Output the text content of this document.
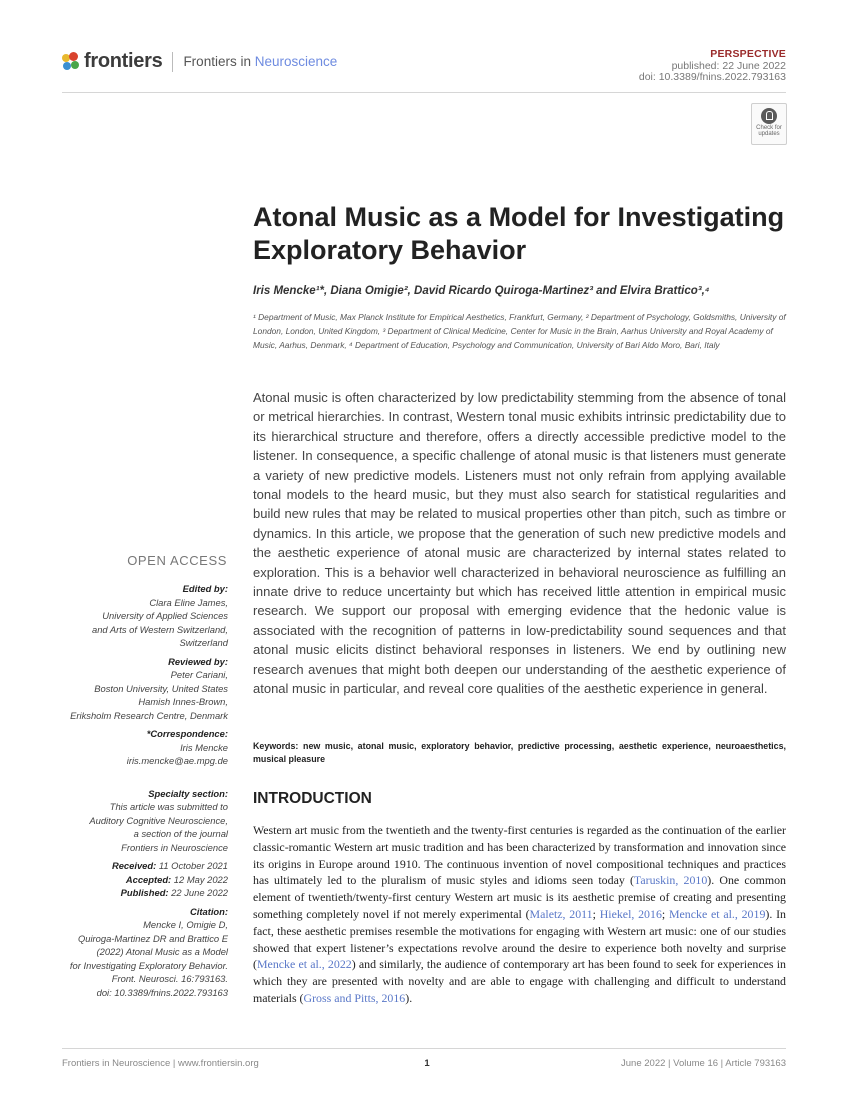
frontiers Frontiers in Neuroscience	PERSPECTIVE
published: 22 June 2022
doi: 10.3389/fnins.2022.793163
Check for updates
Atonal Music as a Model for Investigating Exploratory Behavior
Iris Mencke¹*, Diana Omigie², David Ricardo Quiroga-Martinez³ and Elvira Brattico³,⁴
¹ Department of Music, Max Planck Institute for Empirical Aesthetics, Frankfurt, Germany, ² Department of Psychology, Goldsmiths, University of London, London, United Kingdom, ³ Department of Clinical Medicine, Center for Music in the Brain, Aarhus University and Royal Academy of Music, Aarhus, Denmark, ⁴ Department of Education, Psychology and Communication, University of Bari Aldo Moro, Bari, Italy
Atonal music is often characterized by low predictability stemming from the absence of tonal or metrical hierarchies. In contrast, Western tonal music exhibits intrinsic predictability due to its hierarchical structure and therefore, offers a directly accessible predictive model to the listener. In consequence, a specific challenge of atonal music is that listeners must generate a variety of new predictive models. Listeners must not only refrain from applying available tonal models to the heard music, but they must also search for statistical regularities and build new rules that may be related to musical properties other than pitch, such as timbre or dynamics. In this article, we propose that the generation of such new predictive models and the aesthetic experience of atonal music are characterized by internal states related to exploration. This is a behavior well characterized in behavioral neuroscience as fulfilling an innate drive to reduce uncertainty but which has received little attention in empirical music research. We support our proposal with emerging evidence that the hedonic value is associated with the recognition of patterns in low-predictability sound sequences and that atonal music elicits distinct behavioral responses in listeners. We end by outlining new research avenues that might both deepen our understanding of the aesthetic experience of atonal music in particular, and reveal core qualities of the aesthetic experience in general.
Keywords: new music, atonal music, exploratory behavior, predictive processing, aesthetic experience, neuroaesthetics, musical pleasure
INTRODUCTION
Western art music from the twentieth and the twenty-first centuries is regarded as the continuation of the earlier classic-romantic Western art music tradition and has been characterized by transformation and innovation since its origins in Europe around 1910. The continuous invention of novel compositional techniques and practices has ultimately led to the pluralism of music styles and idioms seen today (Taruskin, 2010). One common element of twentieth/twenty-first century Western art music is its aesthetic premise of creating and presenting something completely novel if not merely experimental (Maletz, 2011; Hiekel, 2016; Mencke et al., 2019). In fact, these aesthetic premises resemble the motivations for engaging with Western art music: one of our studies showed that expert listener’s expectations revolve around the desire to experience both novelty and surprise (Mencke et al., 2022) and similarly, the audience of contemporary art has been found to seek for experiences in which they are presented with novelty and are able to engage with challenging and difficult to understand materials (Gross and Pitts, 2016).
OPEN ACCESS
Edited by:
Clara Eline James,
University of Applied Sciences
and Arts of Western Switzerland,
Switzerland
Reviewed by:
Peter Cariani,
Boston University, United States
Hamish Innes-Brown,
Eriksholm Research Centre, Denmark
*Correspondence:
Iris Mencke
iris.mencke@ae.mpg.de
Specialty section:
This article was submitted to
Auditory Cognitive Neuroscience,
a section of the journal
Frontiers in Neuroscience
Received: 11 October 2021
Accepted: 12 May 2022
Published: 22 June 2022
Citation:
Mencke I, Omigie D,
Quiroga-Martinez DR and Brattico E
(2022) Atonal Music as a Model
for Investigating Exploratory Behavior.
Front. Neurosci. 16:793163.
doi: 10.3389/fnins.2022.793163
Frontiers in Neuroscience | www.frontiersin.org	1	June 2022 | Volume 16 | Article 793163
